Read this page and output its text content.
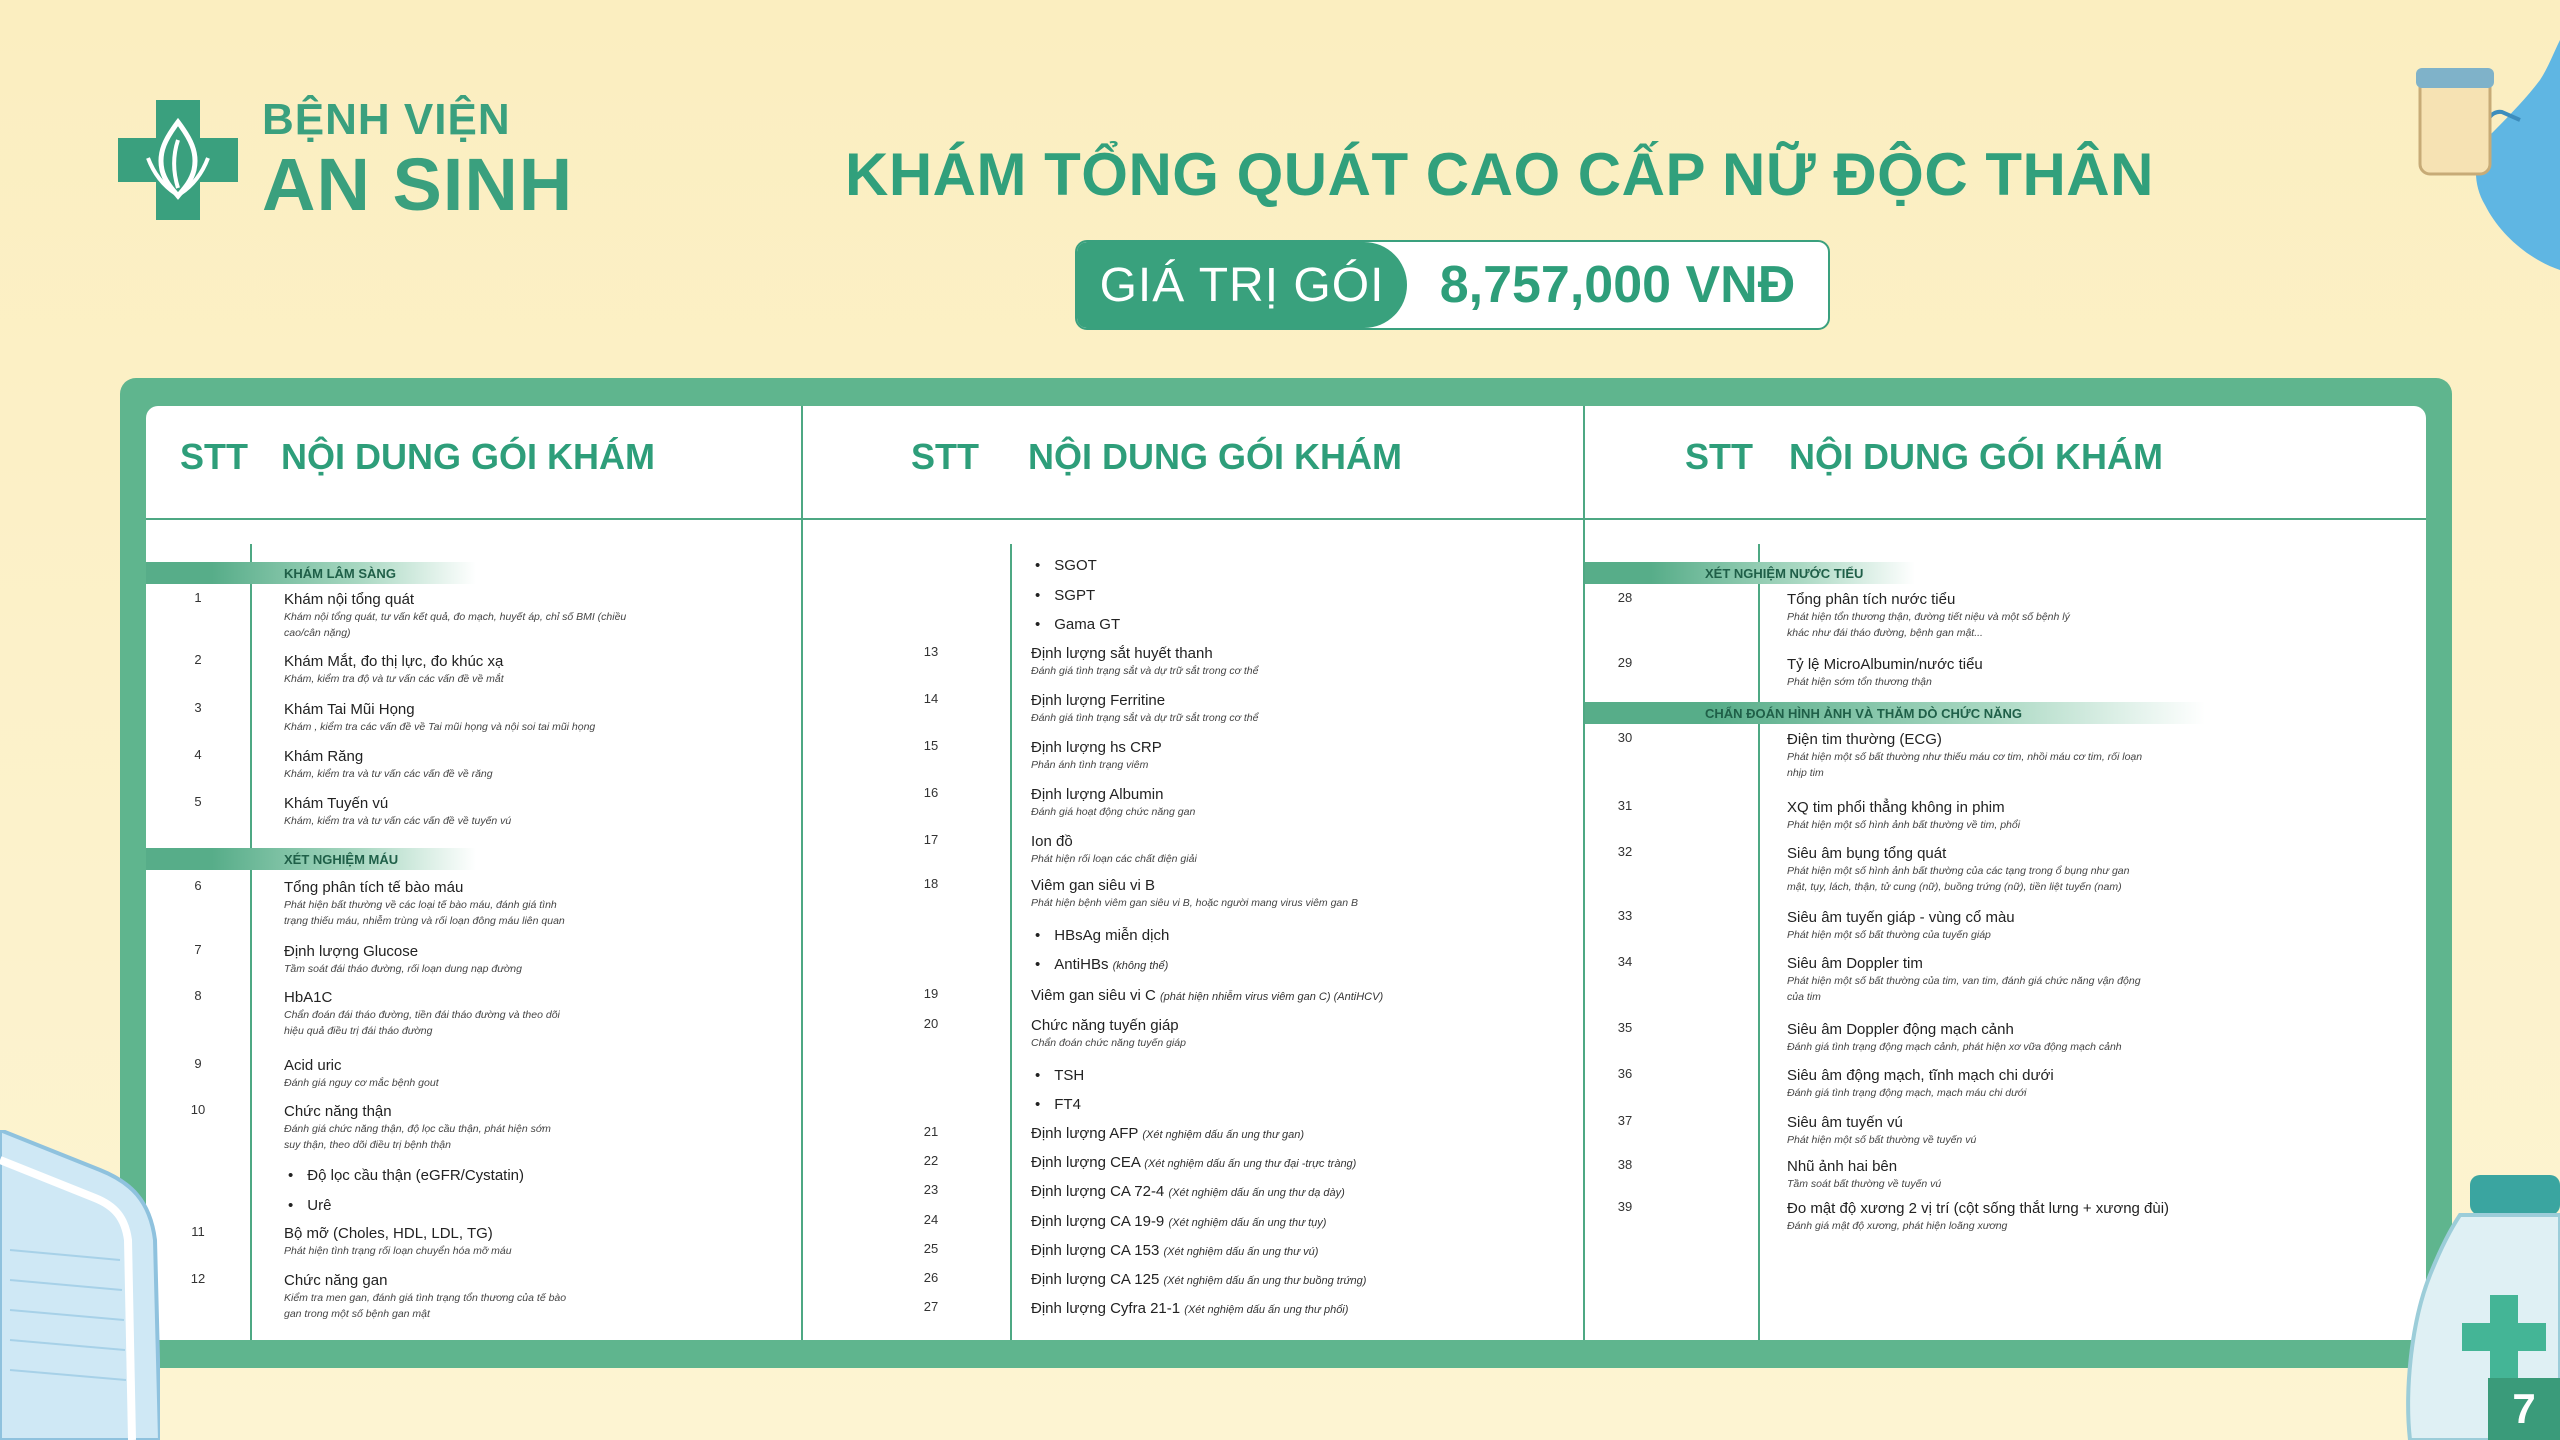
BỆNH VIỆN
AN SINH	KHÁM TỔNG QUÁT CAO CẤP NỮ ĐỘC THÂN
GIÁ TRỊ GÓI	8,757,000 VNĐ
STT NỘI DUNG GÓI KHÁM
KHÁM LÂM SÀNG
XÉT NGHIỆM MÁU
1	Khám nội tổng quát
Khám nội tổng quát, tư vấn kết quả, đo mạch, huyết áp, chỉ số BMI (chiều
cao/cân nặng)
2	Khám Mắt, đo thị lực, đo khúc xạ
Khám, kiểm tra độ và tư vấn các vấn đề về mắt
3	Khám Tai Mũi Họng
Khám , kiểm tra các vấn đề về Tai mũi họng và nội soi tai mũi họng
4	Khám Răng
Khám, kiểm tra và tư vấn các vấn đề về răng
5	Khám Tuyến vú
Khám, kiểm tra và tư vấn các vấn đề về tuyến vú
6	Tổng phân tích tế bào máu
Phát hiện bất thường về các loại tế bào máu, đánh giá tình
trạng thiếu máu, nhiễm trùng và rối loạn đông máu liên quan
7	Định lượng Glucose
Tầm soát đái tháo đường, rối loạn dung nạp đường
8	HbA1C
Chẩn đoán đái tháo đường, tiền đái tháo đường và theo dõi
hiệu quả điều trị đái tháo đường
9	Acid uric
Đánh giá nguy cơ mắc bệnh gout
10	Chức năng thận
Đánh giá chức năng thận, độ lọc cầu thận, phát hiện sớm
suy thận, theo dõi điều trị bệnh thận
• Độ lọc cầu thận (eGFR/Cystatin)
• Urê
11	Bộ mỡ (Choles, HDL, LDL, TG)
Phát hiện tình trạng rối loạn chuyển hóa mỡ máu
12	Chức năng gan
Kiểm tra men gan, đánh giá tình trạng tổn thương của tế bào
gan trong một số bệnh gan mật
STT NỘI DUNG GÓI KHÁM
• SGOT
• SGPT
• Gama GT
13	Định lượng sắt huyết thanh
Đánh giá tình trạng sắt và dự trữ sắt trong cơ thể
14	Định lượng Ferritine
Đánh giá tình trạng sắt và dự trữ sắt trong cơ thể
15	Định lượng hs CRP
Phản ánh tình trạng viêm
16	Định lượng Albumin
Đánh giá hoạt động chức năng gan
17	Ion đồ
Phát hiện rối loạn các chất điện giải
18	Viêm gan siêu vi B
Phát hiện bệnh viêm gan siêu vi B, hoặc người mang virus viêm gan B
• HBsAg miễn dịch
• AntiHBs (không thể)
19	Viêm gan siêu vi C (phát hiện nhiễm virus viêm gan C) (AntiHCV)
20	Chức năng tuyến giáp
Chẩn đoán chức năng tuyến giáp
• TSH
• FT4
21	Định lượng AFP (Xét nghiệm dấu ấn ung thư gan)
22	Định lượng CEA (Xét nghiệm dấu ấn ung thư đại -trực tràng)
23	Định lượng CA 72-4 (Xét nghiệm dấu ấn ung thư dạ dày)
24	Định lượng CA 19-9 (Xét nghiệm dấu ấn ung thư tụy)
25	Định lượng CA 153 (Xét nghiệm dấu ấn ung thư vú)
26	Định lượng CA 125 (Xét nghiệm dấu ấn ung thư buồng trứng)
27	Định lượng Cyfra 21-1 (Xét nghiệm dấu ấn ung thư phổi)
STT NỘI DUNG GÓI KHÁM
XÉT NGHIỆM NƯỚC TIỂU
CHẨN ĐOÁN HÌNH ẢNH VÀ THĂM DÒ CHỨC NĂNG
28	Tổng phân tích nước tiểu
Phát hiện tổn thương thận, đường tiết niệu và một số bệnh lý
khác như đái tháo đường, bệnh gan mật...
29	Tỷ lệ MicroAlbumin/nước tiểu
Phát hiện sớm tổn thương thận
30	Điện tim thường (ECG)
Phát hiện một số bất thường như thiếu máu cơ tim, nhồi máu cơ tim, rối loạn
nhịp tim
31	XQ tim phổi thẳng không in phim
Phát hiện một số hình ảnh bất thường về tim, phổi
32	Siêu âm bụng tổng quát
Phát hiện một số hình ảnh bất thường của các tạng trong ổ bụng như gan
mật, tụy, lách, thận, tử cung (nữ), buồng trứng (nữ), tiền liệt tuyến (nam)
33	Siêu âm tuyến giáp - vùng cổ màu
Phát hiện một số bất thường của tuyến giáp
34	Siêu âm Doppler tim
Phát hiện một số bất thường của tim, van tim, đánh giá chức năng vận động
của tim
35	Siêu âm Doppler động mạch cảnh
Đánh giá tình trạng động mạch cảnh, phát hiện xơ vữa động mạch cảnh
36	Siêu âm động mạch, tĩnh mạch chi dưới
Đánh giá tình trạng động mạch, mạch máu chi dưới
37	Siêu âm tuyến vú
Phát hiện một số bất thường về tuyến vú
38	Nhũ ảnh hai bên
Tầm soát bất thường về tuyến vú
39	Đo mật độ xương 2 vị trí (cột sống thắt lưng + xương đùi)
Đánh giá mật độ xương, phát hiện loãng xương
7
